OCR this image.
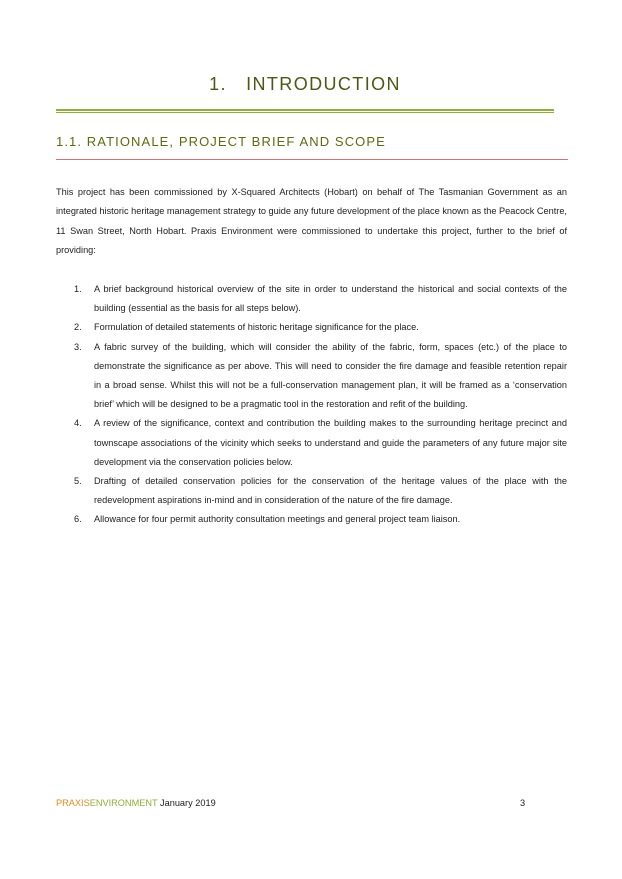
1. INTRODUCTION
1.1. RATIONALE, PROJECT BRIEF AND SCOPE

This project has been commissioned by X-Squared Architects (Hobart) on behalf of The Tasmanian Government as an integrated historic heritage management strategy to guide any future development of the place known as the Peacock Centre, 11 Swan Street, North Hobart. Praxis Environment were commissioned to undertake this project, further to the brief of providing:

1. A brief background historical overview of the site in order to understand the historical and social contexts of the building (essential as the basis for all steps below).
2. Formulation of detailed statements of historic heritage significance for the place.
3. A fabric survey of the building, which will consider the ability of the fabric, form, spaces (etc.) of the place to demonstrate the significance as per above. This will need to consider the fire damage and feasible retention repair in a broad sense. Whilst this will not be a full-conservation management plan, it will be framed as a ‘conservation brief’ which will be designed to be a pragmatic tool in the restoration and refit of the building.
4. A review of the significance, context and contribution the building makes to the surrounding heritage precinct and townscape associations of the vicinity which seeks to understand and guide the parameters of any future major site development via the conservation policies below.
5. Drafting of detailed conservation policies for the conservation of the heritage values of the place with the redevelopment aspirations in-mind and in consideration of the nature of the fire damage.
6. Allowance for four permit authority consultation meetings and general project team liaison.
PRAXISENVIRONMENT January 2019	3
